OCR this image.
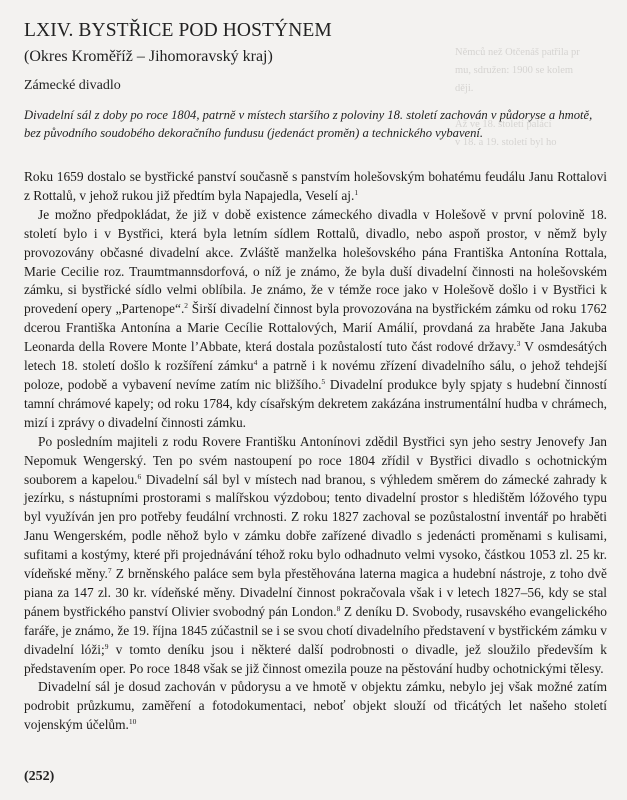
Němců než Otčenáš patřila pr
mu, sdružen: 1900 se kolem
ději.
Až ve 18. století palácí
v 18. a 19. století byl ho
LXIV. BYSTŘICE POD HOSTÝNEM
(Okres Kroměříž – Jihomoravský kraj)
Zámecké divadlo
Divadelní sál z doby po roce 1804, patrně v místech staršího z poloviny 18. století zachován v půdoryse a hmotě, bez původního soudobého dekoračního fundusu (jedenáct proměn) a technického vybavení.

Roku 1659 dostalo se bystřické panství současně s panstvím holešovským bohatému feudálu Janu Rottalovi z Rottalů, v jehož rukou již předtím byla Napajedla, Veselí aj.$^1$

Je možno předpokládat, že již v době existence zámeckého divadla v Holešově v první polovině 18. století bylo i v Bystřici, která byla letním sídlem Rottalů, divadlo, nebo aspoň prostor, v němž byly provozovány občasné divadelní akce. Zvláště manželka holešovského pána Františka Antonína Rottala, Marie Cecilie roz. Traumtmannsdorfová, o níž je známo, že byla duší divadelní činnosti na holešovském zámku, si bystřické sídlo velmi oblíbila. Je známo, že v témže roce jako v Holešově došlo i v Bystřici k provedení opery „Partenope“.$^2$ Širší divadelní činnost byla provozována na bystřickém zámku od roku 1762 dcerou Františka Antonína a Marie Cecílie Rottalových, Marií Amálií, provdaná za hraběte Jana Jakuba Leonarda della Rovere Monte l’Abbate, která dostala pozůstalostí tuto část rodové državy.$^3$ V osmdesátých letech 18. století došlo k rozšíření zámku$^4$ a patrně i k novému zřízení divadelního sálu, o jehož tehdejší poloze, podobě a vybavení nevíme zatím nic bližšího.$^5$ Divadelní produkce byly spjaty s hudební činností tamní chrámové kapely; od roku 1784, kdy císařským dekretem zakázána instrumentální hudba v chrámech, mizí i zprávy o divadelní činnosti zámku.

Po posledním majiteli z rodu Rovere Františku Antonínovi zdědil Bystřici syn jeho sestry Jenovefy Jan Nepomuk Wengerský. Ten po svém nastoupení po roce 1804 zřídil v Bystřici divadlo s ochotnickým souborem a kapelou.$^6$ Divadelní sál byl v místech nad branou, s výhledem směrem do zámecké zahrady k jezírku, s nástupními prostorami s malířskou výzdobou; tento divadelní prostor s hledištěm lóžového typu byl využíván jen pro potřeby feudální vrchnosti. Z roku 1827 zachoval se pozůstalostní inventář po hraběti Janu Wengerském, podle něhož bylo v zámku dobře zařízené divadlo s jedenácti proměnami s kulisami, sufitami a kostýmy, které při projednávání téhož roku bylo odhadnuto velmi vysoko, částkou 1053 zl. 25 kr. vídeňské měny.$^7$ Z brněnského paláce sem byla přestěhována laterna magica a hudební nástroje, z toho dvě piana za 147 zl. 30 kr. vídeňské měny. Divadelní činnost pokračovala však i v letech 1827–56, kdy se stal pánem bystřického panství Olivier svobodný pán London.$^8$ Z deníku D. Svobody, rusavského evangelického faráře, je známo, že 19. října 1845 zúčastnil se i se svou chotí divadelního představení v bystřickém zámku v divadelní lóži;$^9$ v tomto deníku jsou i některé další podrobnosti o divadle, jež sloužilo především k představením oper. Po roce 1848 však se již činnost omezila pouze na pěstování hudby ochotnickými tělesy.

Divadelní sál je dosud zachován v půdorysu a ve hmotě v objektu zámku, nebylo jej však možné zatím podrobit průzkumu, zaměření a fotodokumentaci, neboť objekt slouží od třicátých let našeho století vojenským účelům.$^{10}$

(252)
